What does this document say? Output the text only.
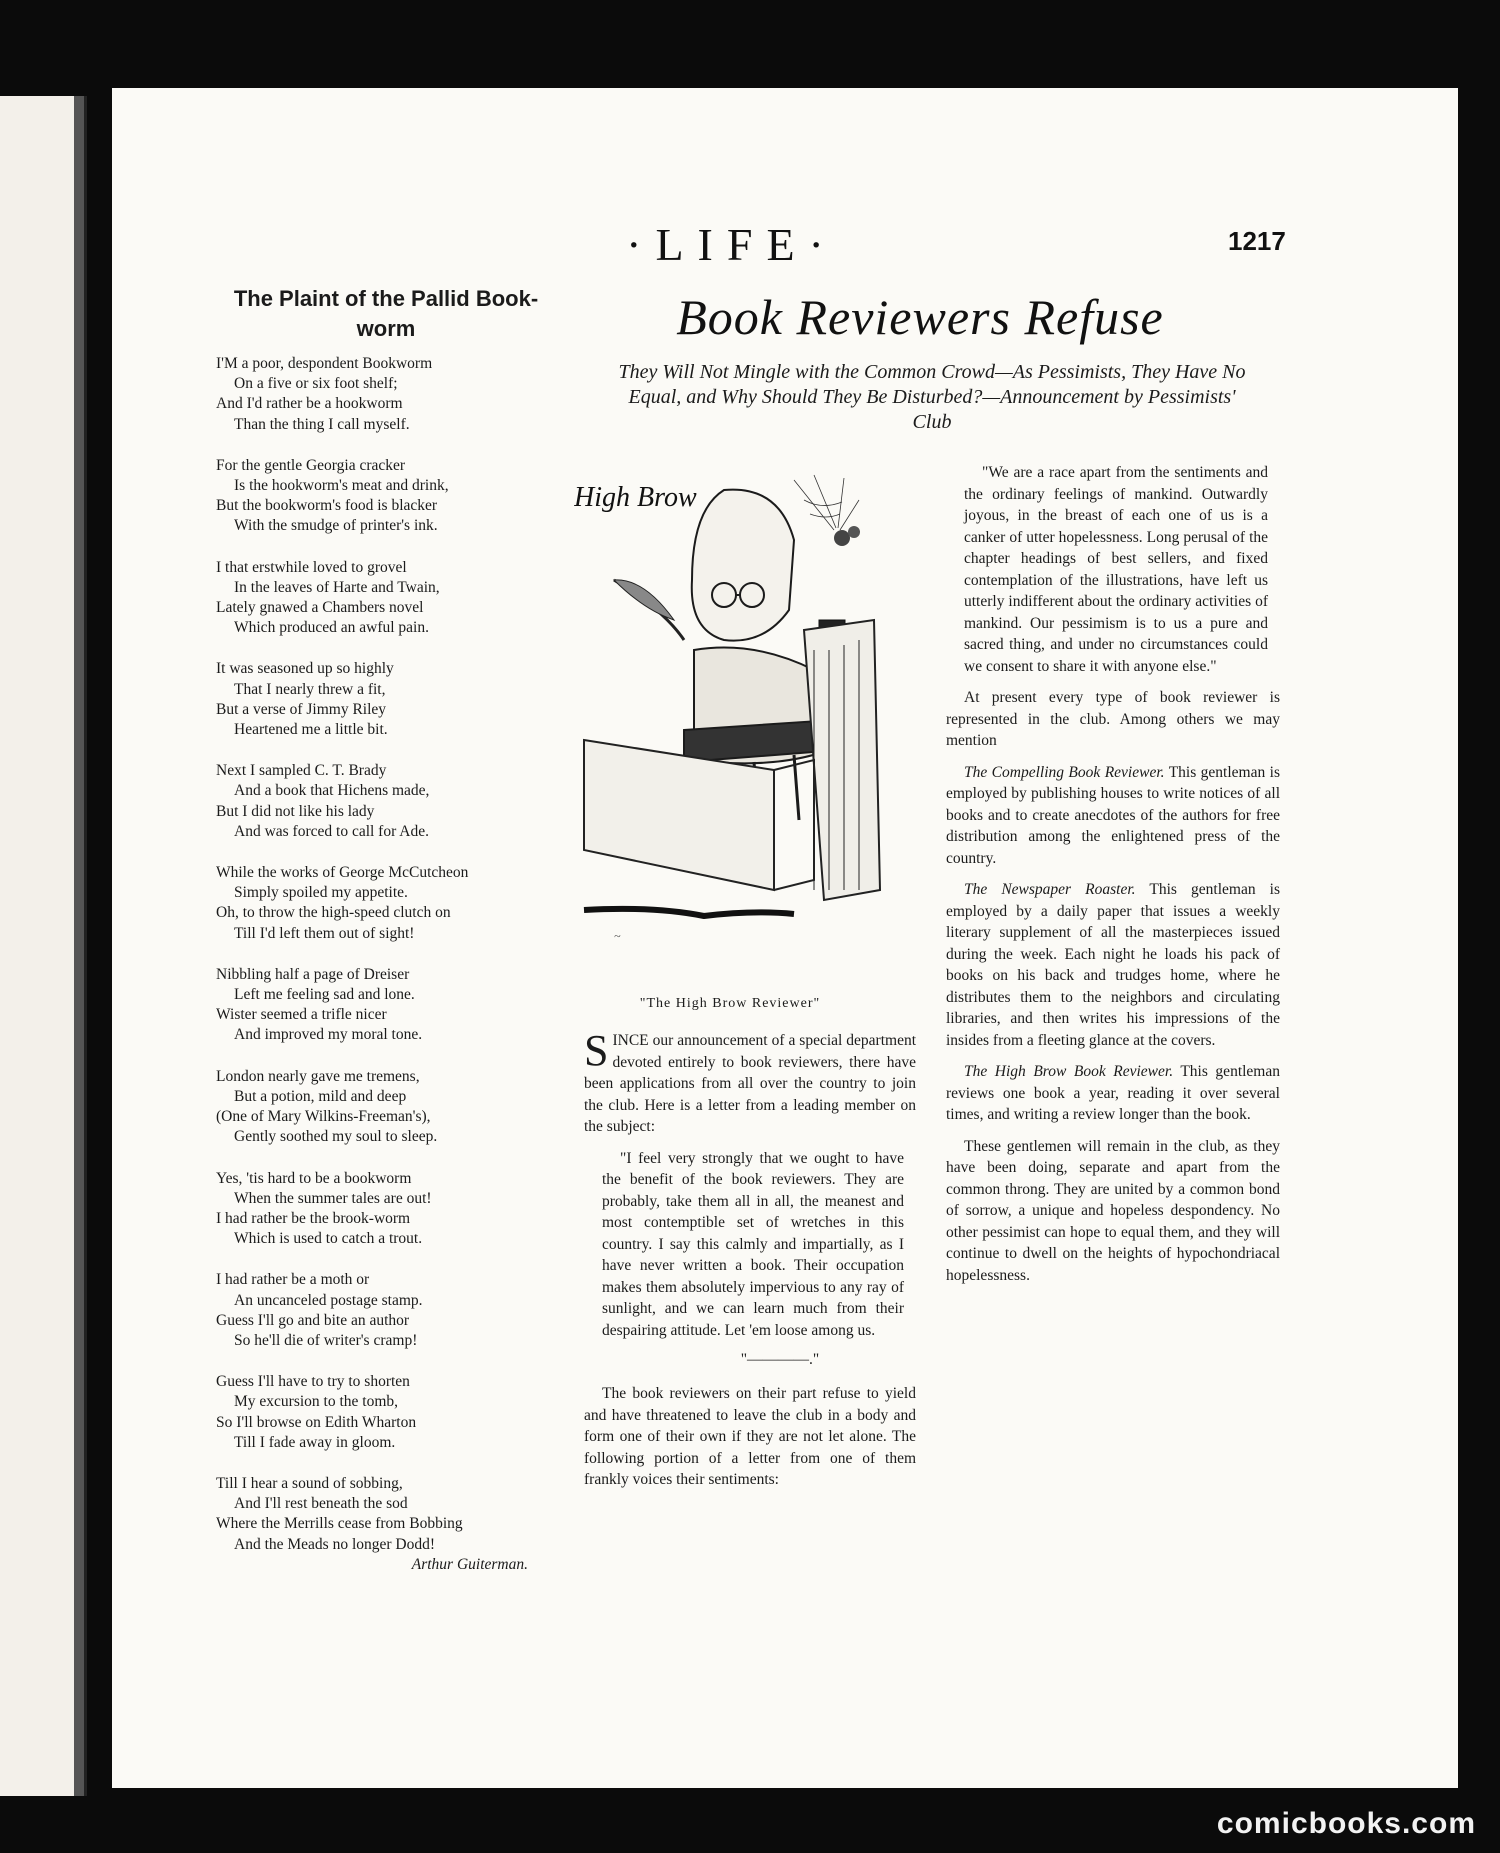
·LIFE·	1217
The Plaint of the Pallid Book-worm
I'M a poor, despondent Bookworm
On a five or six foot shelf;
And I'd rather be a hookworm
Than the thing I call myself.
For the gentle Georgia cracker
Is the hookworm's meat and drink,
But the bookworm's food is blacker
With the smudge of printer's ink.
I that erstwhile loved to grovel
In the leaves of Harte and Twain,
Lately gnawed a Chambers novel
Which produced an awful pain.
It was seasoned up so highly
That I nearly threw a fit,
But a verse of Jimmy Riley
Heartened me a little bit.
Next I sampled C. T. Brady
And a book that Hichens made,
But I did not like his lady
And was forced to call for Ade.
While the works of George McCutcheon
Simply spoiled my appetite.
Oh, to throw the high-speed clutch on
Till I'd left them out of sight!
Nibbling half a page of Dreiser
Left me feeling sad and lone.
Wister seemed a trifle nicer
And improved my moral tone.
London nearly gave me tremens,
But a potion, mild and deep
(One of Mary Wilkins-Freeman's),
Gently soothed my soul to sleep.
Yes, 'tis hard to be a bookworm
When the summer tales are out!
I had rather be the brook-worm
Which is used to catch a trout.
I had rather be a moth or
An uncanceled postage stamp.
Guess I'll go and bite an author
So he'll die of writer's cramp!
Guess I'll have to try to shorten
My excursion to the tomb,
So I'll browse on Edith Wharton
Till I fade away in gloom.
Till I hear a sound of sobbing,
And I'll rest beneath the sod
Where the Merrills cease from Bobbing
And the Meads no longer Dodd!
Arthur Guiterman.
Book Reviewers Refuse
They Will Not Mingle with the Common Crowd—As Pessimists, They Have No Equal, and Why Should They Be Disturbed?—Announcement by Pessimists' Club
High Brow
~
"The High Brow Reviewer"

SINCE our announcement of a special department devoted entirely to book reviewers, there have been applications from all over the country to join the club. Here is a letter from a leading member on the subject:

"I feel very strongly that we ought to have the benefit of the book reviewers. They are probably, take them all in all, the meanest and most contemptible set of wretches in this country. I say this calmly and impartially, as I have never written a book. Their occupation makes them absolutely impervious to any ray of sunlight, and we can learn much from their despairing attitude. Let 'em loose among us.

"————."

The book reviewers on their part refuse to yield and have threatened to leave the club in a body and form one of their own if they are not let alone. The following portion of a letter from one of them frankly voices their sentiments:

"We are a race apart from the sentiments and the ordinary feelings of mankind. Outwardly joyous, in the breast of each one of us is a canker of utter hopelessness. Long perusal of the chapter headings of best sellers, and fixed contemplation of the illustrations, have left us utterly indifferent about the ordinary activities of mankind. Our pessimism is to us a pure and sacred thing, and under no circumstances could we consent to share it with anyone else."

At present every type of book reviewer is represented in the club. Among others we may mention

The Compelling Book Reviewer. This gentleman is employed by publishing houses to write notices of all books and to create anecdotes of the authors for free distribution among the enlightened press of the country.

The Newspaper Roaster. This gentleman is employed by a daily paper that issues a weekly literary supplement of all the masterpieces issued during the week. Each night he loads his pack of books on his back and trudges home, where he distributes them to the neighbors and circulating libraries, and then writes his impressions of the insides from a fleeting glance at the covers.

The High Brow Book Reviewer. This gentleman reviews one book a year, reading it over several times, and writing a review longer than the book.

These gentlemen will remain in the club, as they have been doing, separate and apart from the common throng. They are united by a common bond of sorrow, a unique and hopeless despondency. No other pessimist can hope to equal them, and they will continue to dwell on the heights of hypochondriacal hopelessness.

comicbooks.com
